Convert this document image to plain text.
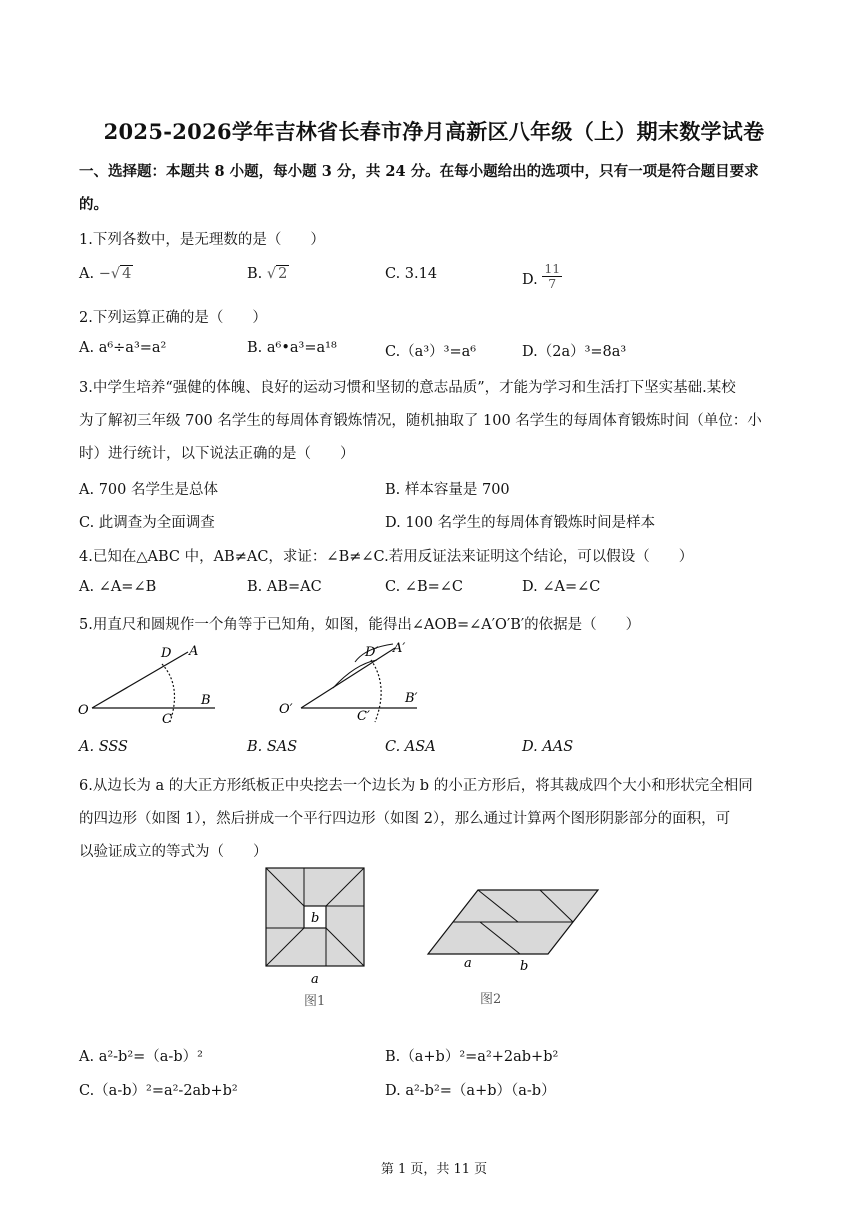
2025-2026学年吉林省长春市净月高新区八年级（上）期末数学试卷
一、选择题：本题共 8 小题，每小题 3 分，共 24 分。在每小题给出的选项中，只有一项是符合题目要求
的。
1.下列各数中，是无理数的是（　　）
A. −√ 4	B. √ 2	C. 3.14	D. $\frac{11}{7}$
2.下列运算正确的是（　　）
A. a⁶÷a³=a²	B. a⁶•a³=a¹⁸	C.（a³）³=a⁶	D.（2a）³=8a³
3.中学生培养“强健的体魄、良好的运动习惯和坚韧的意志品质”，才能为学习和生活打下坚实基础.某校
为了解初三年级 700 名学生的每周体育锻炼情况，随机抽取了 100 名学生的每周体育锻炼时间（单位：小
时）进行统计，以下说法正确的是（　　）
A. 700 名学生是总体	B. 样本容量是 700
C. 此调查为全面调查	D. 100 名学生的每周体育锻炼时间是样本
4.已知在△ABC 中，AB≠AC，求证：∠B≠∠C.若用反证法来证明这个结论，可以假设（　　）
A. ∠A=∠B	B. AB=AC	C. ∠B=∠C	D. ∠A=∠C
5.用直尺和圆规作一个角等于已知角，如图，能得出∠AOB=∠A′O′B′的依据是（　　）
O
A
B
C
D
O′
A′
B′
C′
D′
A. SSS	B. SAS	C. ASA	D. AAS
6.从边长为 a 的大正方形纸板正中央挖去一个边长为 b 的小正方形后，将其裁成四个大小和形状完全相同
的四边形（如图 1），然后拼成一个平行四边形（如图 2），那么通过计算两个图形阴影部分的面积，可
以验证成立的等式为（　　）
b
a
图1
a	b
图2
A. a²-b²=（a-b）²	B.（a+b）²=a²+2ab+b²
C.（a-b）²=a²-2ab+b²	D. a²-b²=（a+b）（a-b）
第 1 页，共 11 页
